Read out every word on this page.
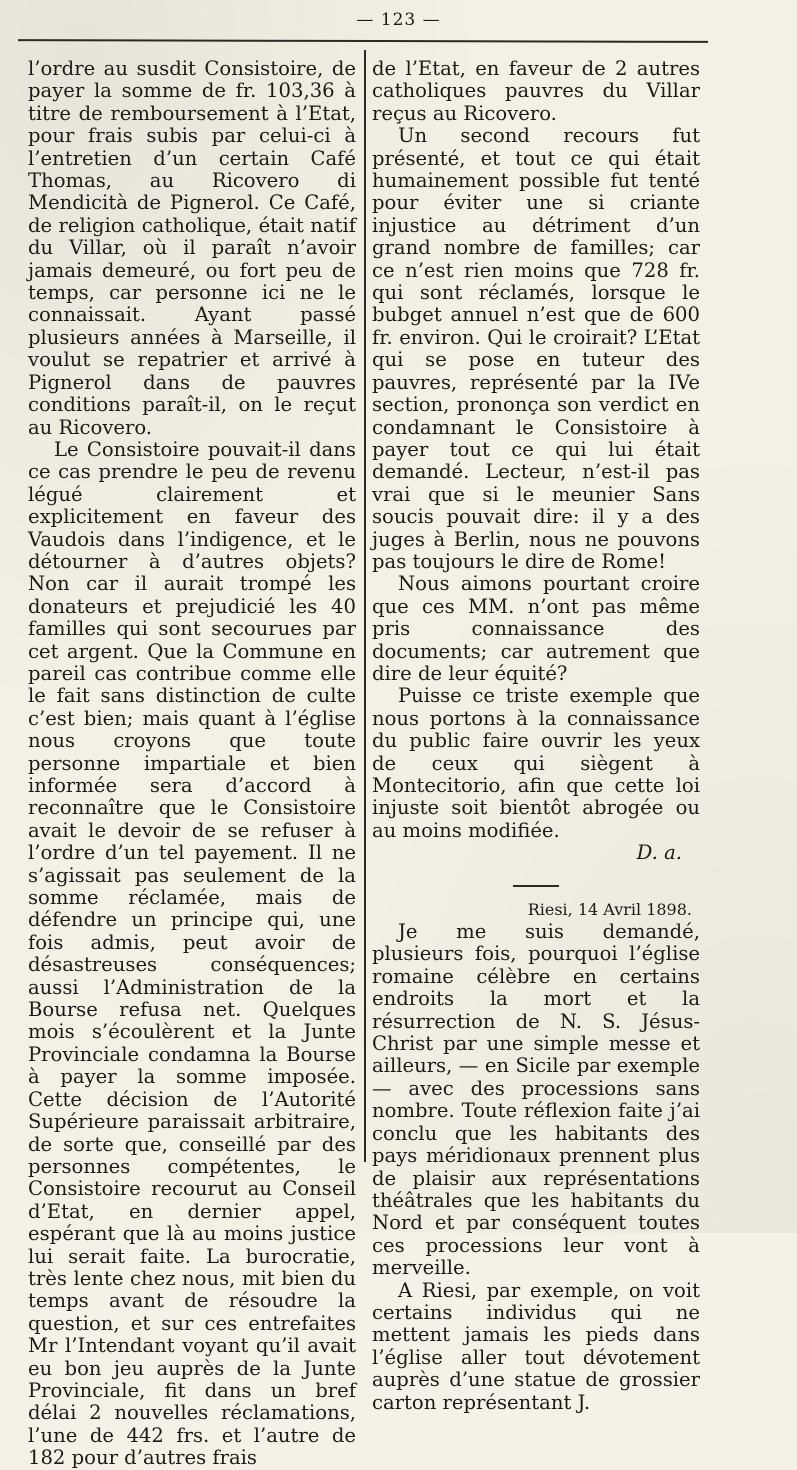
— 123 —

l’ordre au susdit Consistoire, de payer la somme de fr. 103,36 à titre de remboursement à l’Etat, pour frais subis par celui-ci à l’entretien d’un certain Café Thomas, au Ricovero di Mendicità de Pignerol. Ce Café, de religion catholique, était natif du Villar, où il paraît n’avoir jamais demeuré, ou fort peu de temps, car personne ici ne le connaissait. Ayant passé plusieurs années à Marseille, il voulut se repatrier et arrivé à Pignerol dans de pauvres conditions paraît-il, on le reçut au Ricovero.

Le Consistoire pouvait-il dans ce cas prendre le peu de revenu légué clairement et explicitement en faveur des Vaudois dans l’indigence, et le détourner à d’autres objets? Non car il aurait trompé les donateurs et prejudicié les 40 familles qui sont secourues par cet argent. Que la Commune en pareil cas contribue comme elle le fait sans distinction de culte c’est bien; mais quant à l’église nous croyons que toute personne impartiale et bien informée sera d’accord à reconnaître que le Consistoire avait le devoir de se refuser à l’ordre d’un tel payement. Il ne s’agissait pas seulement de la somme réclamée, mais de défendre un principe qui, une fois admis, peut avoir de désastreuses conséquences; aussi l’Administration de la Bourse refusa net. Quelques mois s’écoulèrent et la Junte Provinciale condamna la Bourse à payer la somme imposée. Cette décision de l’Autorité Supérieure paraissait arbitraire, de sorte que, conseillé par des personnes compétentes, le Consistoire recourut au Conseil d’Etat, en dernier appel, espérant que là au moins justice lui serait faite. La burocratie, très lente chez nous, mit bien du temps avant de résoudre la question, et sur ces entrefaites Mr l’Intendant voyant qu’il avait eu bon jeu auprès de la Junte Provinciale, fit dans un bref délai 2 nouvelles réclamations, l’une de 442 frs. et l’autre de 182 pour d’autres frais

de l’Etat, en faveur de 2 autres catholiques pauvres du Villar reçus au Ricovero.

Un second recours fut présenté, et tout ce qui était humainement possible fut tenté pour éviter une si criante injustice au détriment d’un grand nombre de familles; car ce n’est rien moins que 728 fr. qui sont réclamés, lorsque le bubget annuel n’est que de 600 fr. environ. Qui le croirait? L’Etat qui se pose en tuteur des pauvres, représenté par la IVe section, prononça son verdict en condamnant le Consistoire à payer tout ce qui lui était demandé. Lecteur, n’est-il pas vrai que si le meunier Sans soucis pouvait dire: il y a des juges à Berlin, nous ne pouvons pas toujours le dire de Rome!

Nous aimons pourtant croire que ces MM. n’ont pas même pris connaissance des documents; car autrement que dire de leur équité?

Puisse ce triste exemple que nous portons à la connaissance du public faire ouvrir les yeux de ceux qui siègent à Montecitorio, afin que cette loi injuste soit bientôt abrogée ou au moins modifiée.

D. a.

Riesi, 14 Avril 1898.

Je me suis demandé, plusieurs fois, pourquoi l’église romaine célèbre en certains endroits la mort et la résurrection de N. S. Jésus-Christ par une simple messe et ailleurs, — en Sicile par exemple — avec des processions sans nombre. Toute réflexion faite j’ai conclu que les habitants des pays méridionaux prennent plus de plaisir aux représentations théâtrales que les habitants du Nord et par conséquent toutes ces processions leur vont à merveille.

A Riesi, par exemple, on voit certains individus qui ne mettent jamais les pieds dans l’église aller tout dévotement auprès d’une statue de grossier carton représentant J.
